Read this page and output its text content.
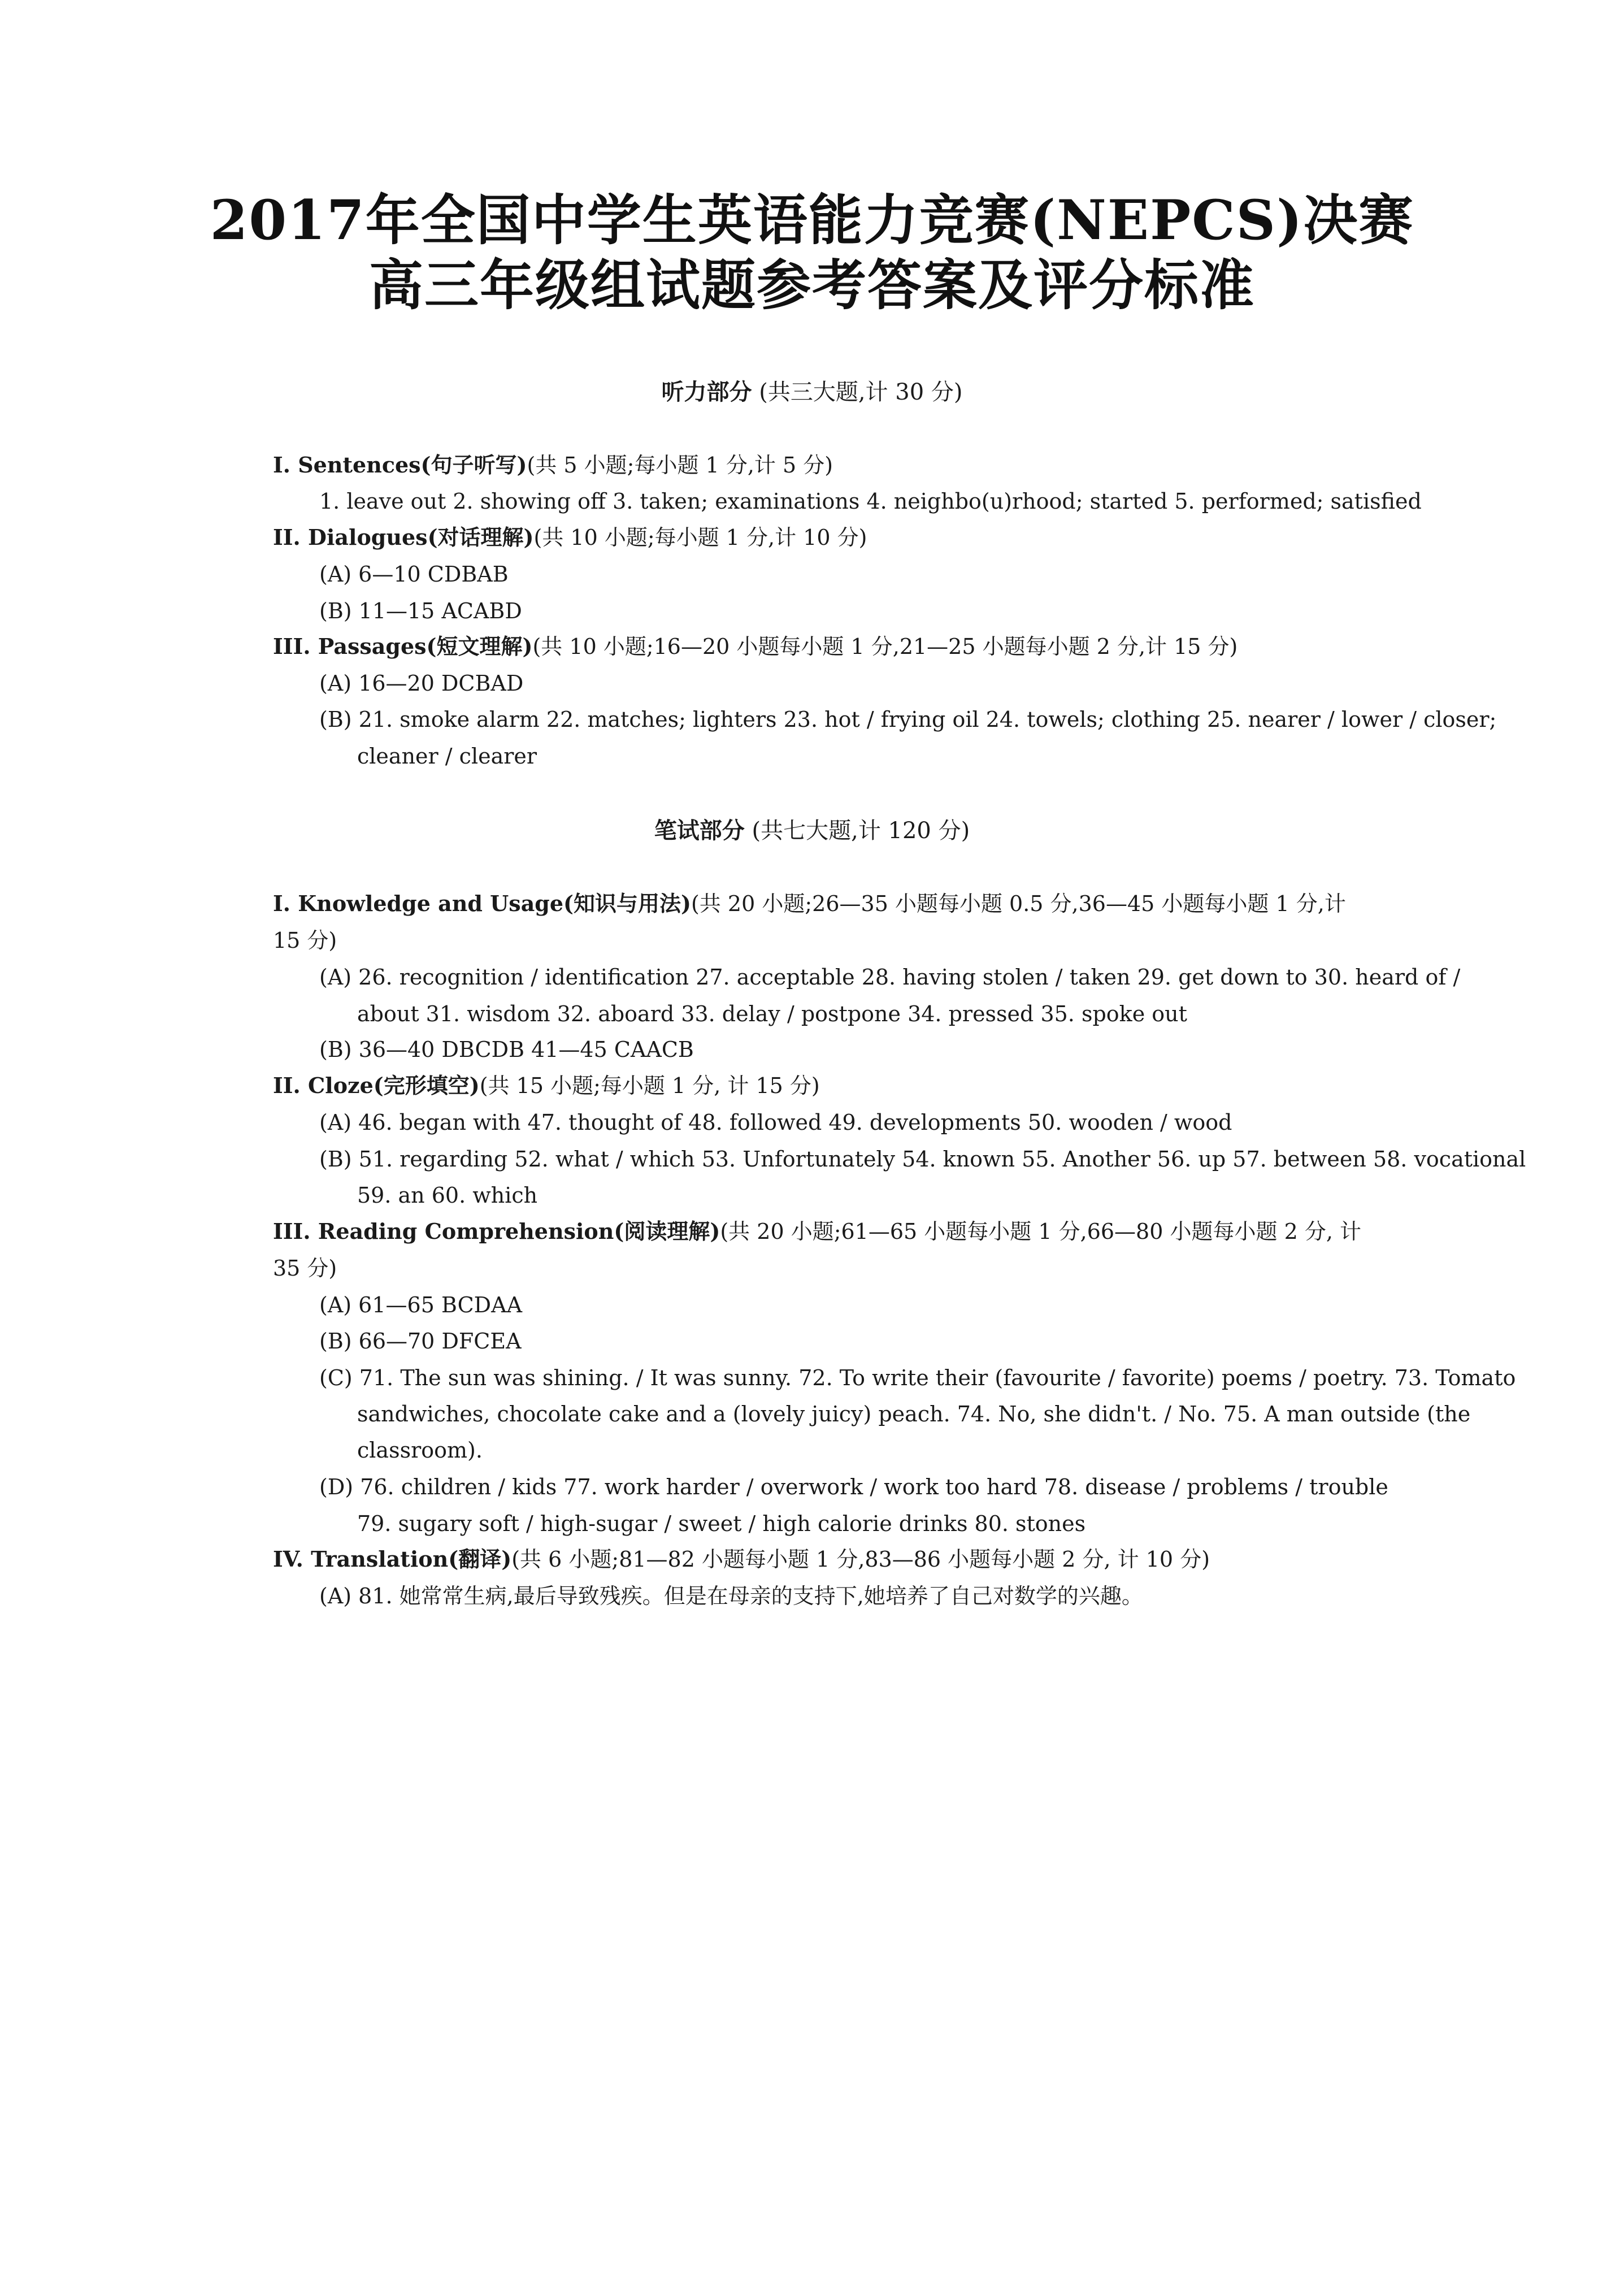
2017年全国中学生英语能力竞赛(NEPCS)决赛
高三年级组试题参考答案及评分标准
听力部分 (共三大题,计 30 分)
I. Sentences(句子听写)(共 5 小题;每小题 1 分,计 5 分)
1. leave out 2. showing off 3. taken; examinations 4. neighbo(u)rhood; started 5. performed; satisfied
II. Dialogues(对话理解)(共 10 小题;每小题 1 分,计 10 分)
(A) 6—10 CDBAB
(B) 11—15 ACABD
III. Passages(短文理解)(共 10 小题;16—20 小题每小题 1 分,21—25 小题每小题 2 分,计 15 分)
(A) 16—20 DCBAD
(B) 21. smoke alarm 22. matches; lighters 23. hot / frying oil 24. towels; clothing 25. nearer / lower / closer;
cleaner / clearer
笔试部分 (共七大题,计 120 分)
I. Knowledge and Usage(知识与用法)(共 20 小题;26—35 小题每小题 0.5 分,36—45 小题每小题 1 分,计
15 分)
(A) 26. recognition / identification 27. acceptable 28. having stolen / taken 29. get down to 30. heard of /
about 31. wisdom 32. aboard 33. delay / postpone 34. pressed 35. spoke out
(B) 36—40 DBCDB 41—45 CAACB
II. Cloze(完形填空)(共 15 小题;每小题 1 分, 计 15 分)
(A) 46. began with 47. thought of 48. followed 49. developments 50. wooden / wood
(B) 51. regarding 52. what / which 53. Unfortunately 54. known 55. Another 56. up 57. between 58. vocational
59. an 60. which
III. Reading Comprehension(阅读理解)(共 20 小题;61—65 小题每小题 1 分,66—80 小题每小题 2 分, 计
35 分)
(A) 61—65 BCDAA
(B) 66—70 DFCEA
(C) 71. The sun was shining. / It was sunny. 72. To write their (favourite / favorite) poems / poetry. 73. Tomato
sandwiches, chocolate cake and a (lovely juicy) peach. 74. No, she didn't. / No. 75. A man outside (the
classroom).
(D) 76. children / kids 77. work harder / overwork / work too hard 78. disease / problems / trouble
79. sugary soft / high-sugar / sweet / high calorie drinks 80. stones
IV. Translation(翻译)(共 6 小题;81—82 小题每小题 1 分,83—86 小题每小题 2 分, 计 10 分)
(A) 81. 她常常生病,最后导致残疾。但是在母亲的支持下,她培养了自己对数学的兴趣。
